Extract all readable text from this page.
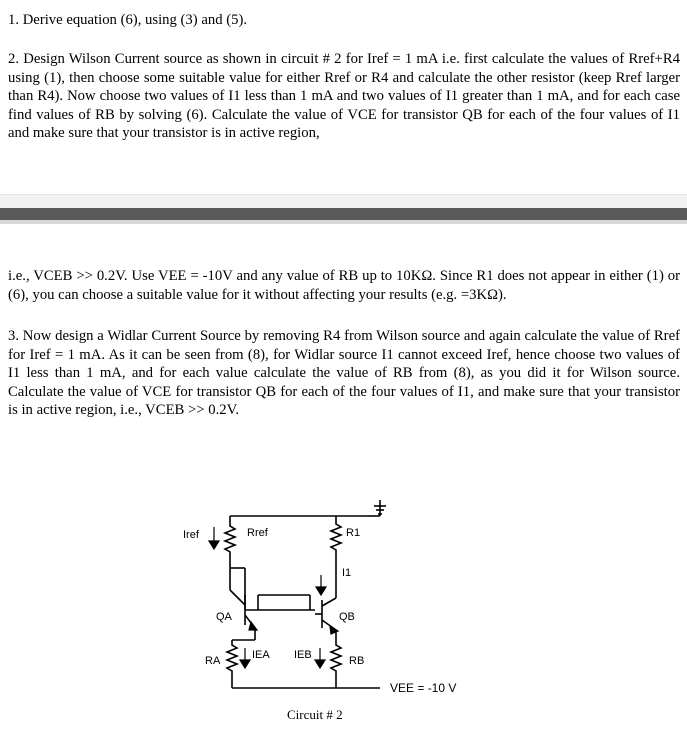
1. Derive equation (6), using (3) and (5).

2. Design Wilson Current source as shown in circuit # 2 for Iref = 1 mA i.e. first calculate the values of Rref+R4 using (1), then choose some suitable value for either Rref or R4 and calculate the other resistor (keep Rref larger than R4). Now choose two values of I1 less than 1 mA and two values of I1 greater than 1 mA, and for each case find values of RB by solving (6). Calculate the value of VCE for transistor QB for each of the four values of I1 and make sure that your transistor is in active region,
i.e., VCEB >> 0.2V. Use VEE = -10V and any value of RB up to 10KΩ. Since R1 does not appear in either (1) or (6), you can choose a suitable value for it without affecting your results (e.g. =3KΩ).
3. Now design a Widlar Current Source by removing R4 from Wilson source and again calculate the value of Rref for Iref = 1 mA. As it can be seen from (8), for Widlar source I1 cannot exceed Iref, hence choose two values of I1 less than 1 mA, and for each value calculate the value of RB from (8), as you did it for Wilson source. Calculate the value of VCE for transistor QB for each of the four values of I1, and make sure that your transistor is in active region, i.e., VCEB >> 0.2V.
Iref	Rref	R1
I1
QA	QB
RA	IEA IEB	RB
VEE = -10 V
Circuit # 2
